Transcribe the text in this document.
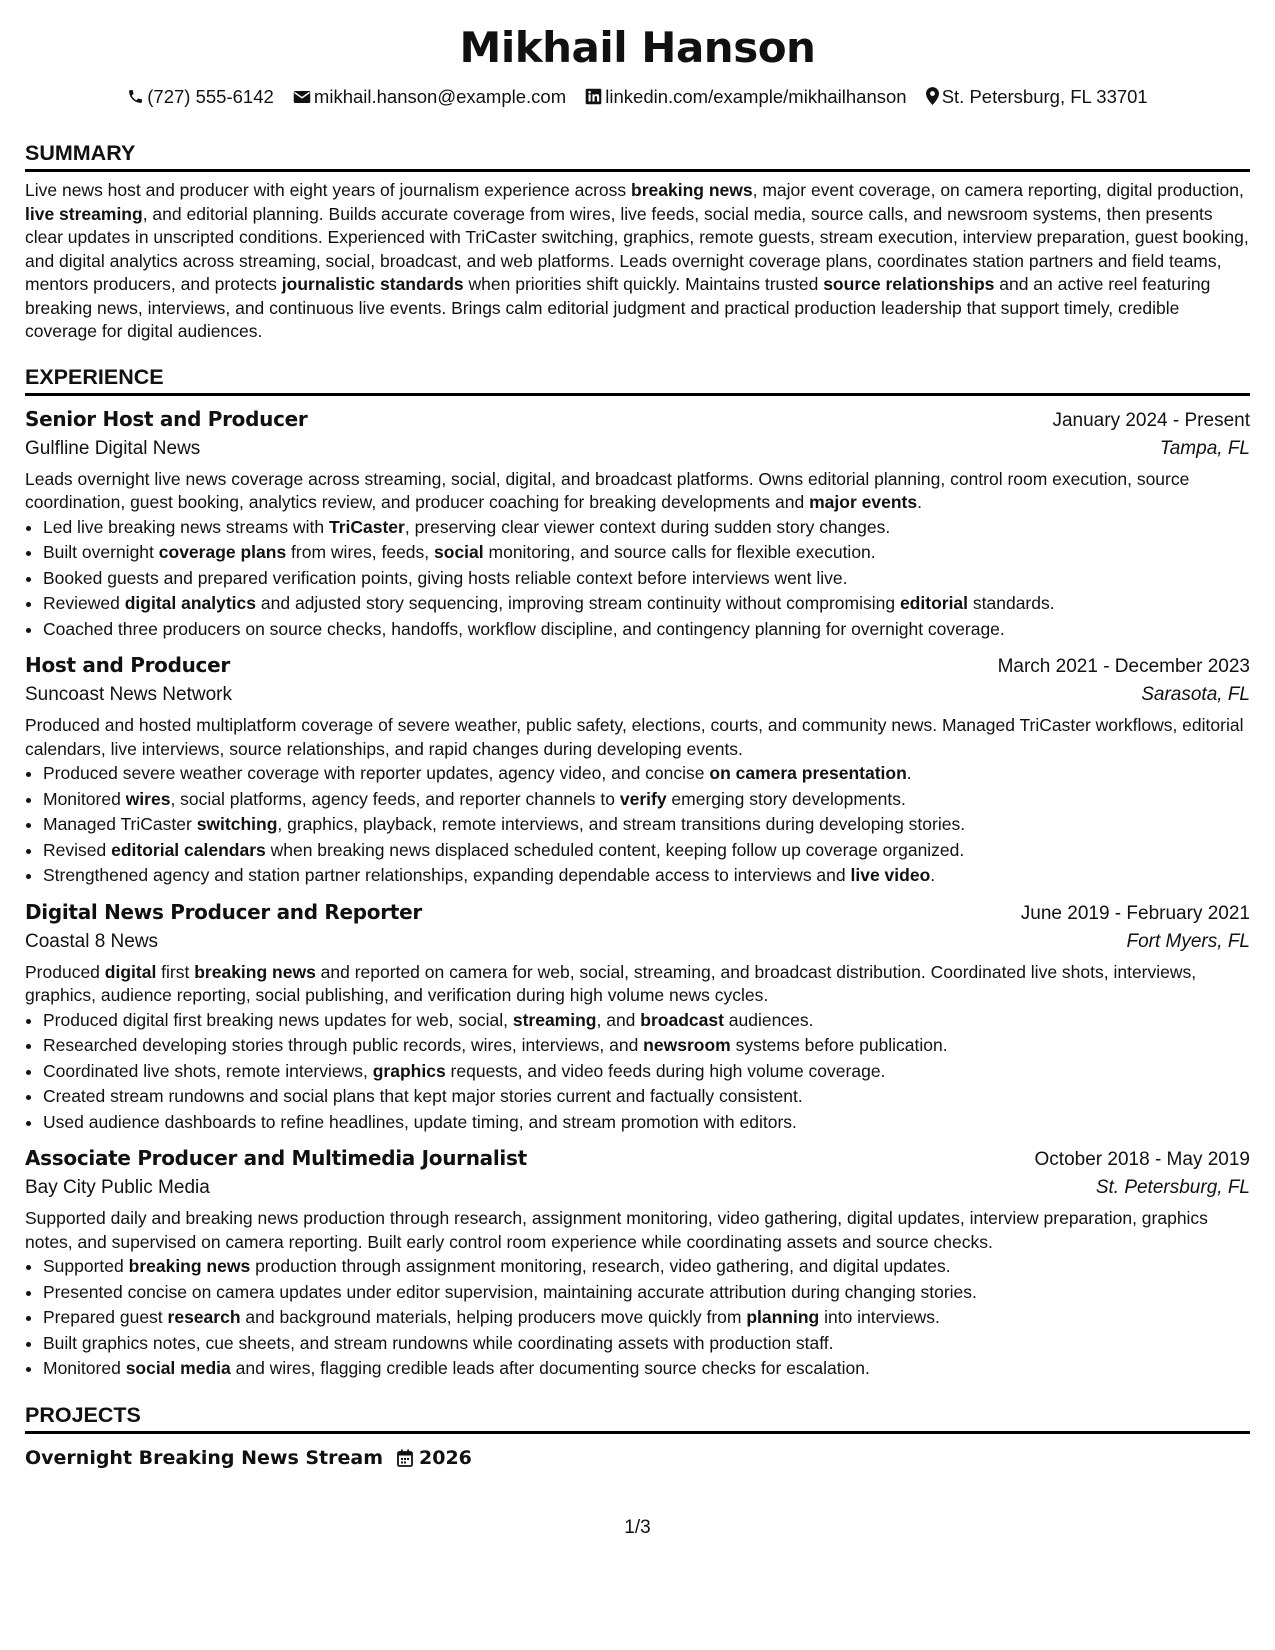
Mikhail Hanson
(727) 555-6142 mikhail.hanson@example.com linkedin.com/example/mikhailhanson St. Petersburg, FL 33701
SUMMARY
Live news host and producer with eight years of journalism experience across breaking news, major event coverage, on camera reporting, digital production, live streaming, and editorial planning. Builds accurate coverage from wires, live feeds, social media, source calls, and newsroom systems, then presents clear updates in unscripted conditions. Experienced with TriCaster switching, graphics, remote guests, stream execution, interview preparation, guest booking, and digital analytics across streaming, social, broadcast, and web platforms. Leads overnight coverage plans, coordinates station partners and field teams, mentors producers, and protects journalistic standards when priorities shift quickly. Maintains trusted source relationships and an active reel featuring breaking news, interviews, and continuous live events. Brings calm editorial judgment and practical production leadership that support timely, credible coverage for digital audiences.
EXPERIENCE
Senior Host and Producer	January 2024 - Present
Gulfline Digital News	Tampa, FL
Leads overnight live news coverage across streaming, social, digital, and broadcast platforms. Owns editorial planning, control room execution, source coordination, guest booking, analytics review, and producer coaching for breaking developments and major events.
• Led live breaking news streams with TriCaster, preserving clear viewer context during sudden story changes.
• Built overnight coverage plans from wires, feeds, social monitoring, and source calls for flexible execution.
• Booked guests and prepared verification points, giving hosts reliable context before interviews went live.
• Reviewed digital analytics and adjusted story sequencing, improving stream continuity without compromising editorial standards.
• Coached three producers on source checks, handoffs, workflow discipline, and contingency planning for overnight coverage.
Host and Producer	March 2021 - December 2023
Suncoast News Network	Sarasota, FL
Produced and hosted multiplatform coverage of severe weather, public safety, elections, courts, and community news. Managed TriCaster workflows, editorial calendars, live interviews, source relationships, and rapid changes during developing events.
• Produced severe weather coverage with reporter updates, agency video, and concise on camera presentation.
• Monitored wires, social platforms, agency feeds, and reporter channels to verify emerging story developments.
• Managed TriCaster switching, graphics, playback, remote interviews, and stream transitions during developing stories.
• Revised editorial calendars when breaking news displaced scheduled content, keeping follow up coverage organized.
• Strengthened agency and station partner relationships, expanding dependable access to interviews and live video.
Digital News Producer and Reporter	June 2019 - February 2021
Coastal 8 News	Fort Myers, FL
Produced digital first breaking news and reported on camera for web, social, streaming, and broadcast distribution. Coordinated live shots, interviews, graphics, audience reporting, social publishing, and verification during high volume news cycles.
• Produced digital first breaking news updates for web, social, streaming, and broadcast audiences.
• Researched developing stories through public records, wires, interviews, and newsroom systems before publication.
• Coordinated live shots, remote interviews, graphics requests, and video feeds during high volume coverage.
• Created stream rundowns and social plans that kept major stories current and factually consistent.
• Used audience dashboards to refine headlines, update timing, and stream promotion with editors.
Associate Producer and Multimedia Journalist	October 2018 - May 2019
Bay City Public Media	St. Petersburg, FL
Supported daily and breaking news production through research, assignment monitoring, video gathering, digital updates, interview preparation, graphics notes, and supervised on camera reporting. Built early control room experience while coordinating assets and source checks.
• Supported breaking news production through assignment monitoring, research, video gathering, and digital updates.
• Presented concise on camera updates under editor supervision, maintaining accurate attribution during changing stories.
• Prepared guest research and background materials, helping producers move quickly from planning into interviews.
• Built graphics notes, cue sheets, and stream rundowns while coordinating assets with production staff.
• Monitored social media and wires, flagging credible leads after documenting source checks for escalation.
PROJECTS
Overnight Breaking News Stream 2026
1/3
